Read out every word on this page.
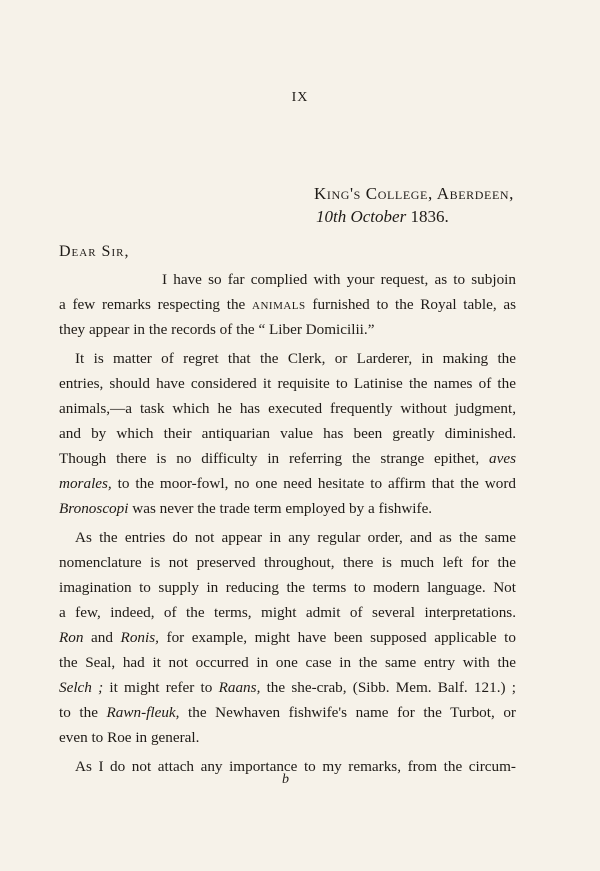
IX
King's College, Aberdeen,
10th October 1836.
Dear Sir,
I have so far complied with your request, as to subjoin
a few remarks respecting the animals furnished to the Royal table, as
they appear in the records of the “ Liber Domicilii.”
It is matter of regret that the Clerk, or Larderer, in making the
entries, should have considered it requisite to Latinise the names of the
animals,—a task which he has executed frequently without judgment,
and by which their antiquarian value has been greatly diminished.
Though there is no difficulty in referring the strange epithet, aves
morales, to the moor-fowl, no one need hesitate to affirm that the word
Bronoscopi was never the trade term employed by a fishwife.
As the entries do not appear in any regular order, and as the same
nomenclature is not preserved throughout, there is much left for the
imagination to supply in reducing the terms to modern language. Not
a few, indeed, of the terms, might admit of several interpretations.
Ron and Ronis, for example, might have been supposed applicable to
the Seal, had it not occurred in one case in the same entry with the
Selch ; it might refer to Raans, the she-crab, (Sibb. Mem. Balf. 121.) ;
to the Rawn-fleuk, the Newhaven fishwife's name for the Turbot, or
even to Roe in general.
As I do not attach any importance to my remarks, from the circum-
b
